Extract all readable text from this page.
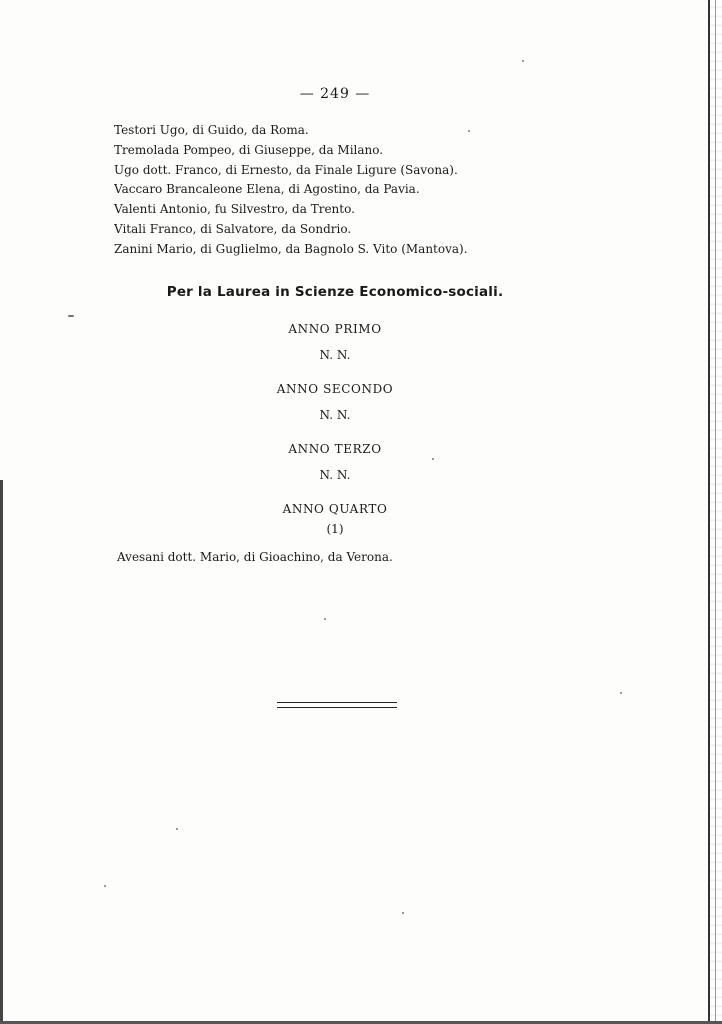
— 249 —
Testori Ugo, di Guido, da Roma.
Tremolada Pompeo, di Giuseppe, da Milano.
Ugo dott. Franco, di Ernesto, da Finale Ligure (Savona).
Vaccaro Brancaleone Elena, di Agostino, da Pavia.
Valenti Antonio, fu Silvestro, da Trento.
Vitali Franco, di Salvatore, da Sondrio.
Zanini Mario, di Guglielmo, da Bagnolo S. Vito (Mantova).
Per la Laurea in Scienze Economico-sociali.
ANNO PRIMO
N. N.
ANNO SECONDO
N. N.
ANNO TERZO
N. N.
ANNO QUARTO
(1)
Avesani dott. Mario, di Gioachino, da Verona.
